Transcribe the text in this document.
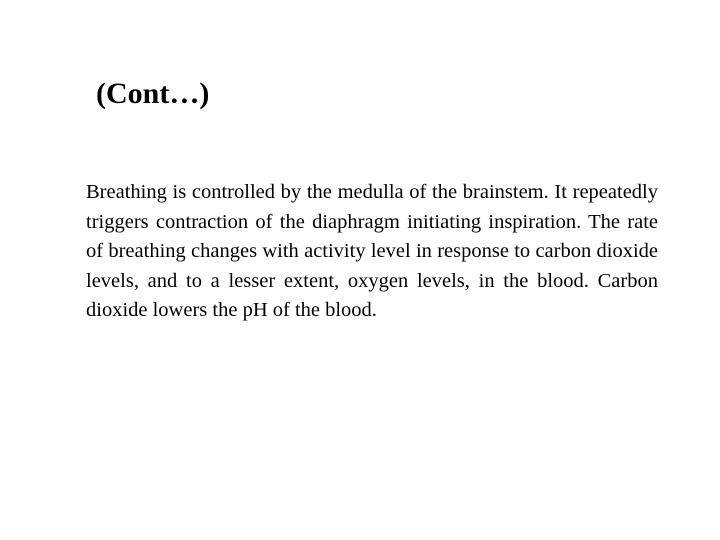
(Cont…)

Breathing is controlled by the medulla of the brainstem. It repeatedly triggers contraction of the diaphragm initiating inspiration. The rate of breathing changes with activity level in response to carbon dioxide levels, and to a lesser extent, oxygen levels, in the blood. Carbon dioxide lowers the pH of the blood.
